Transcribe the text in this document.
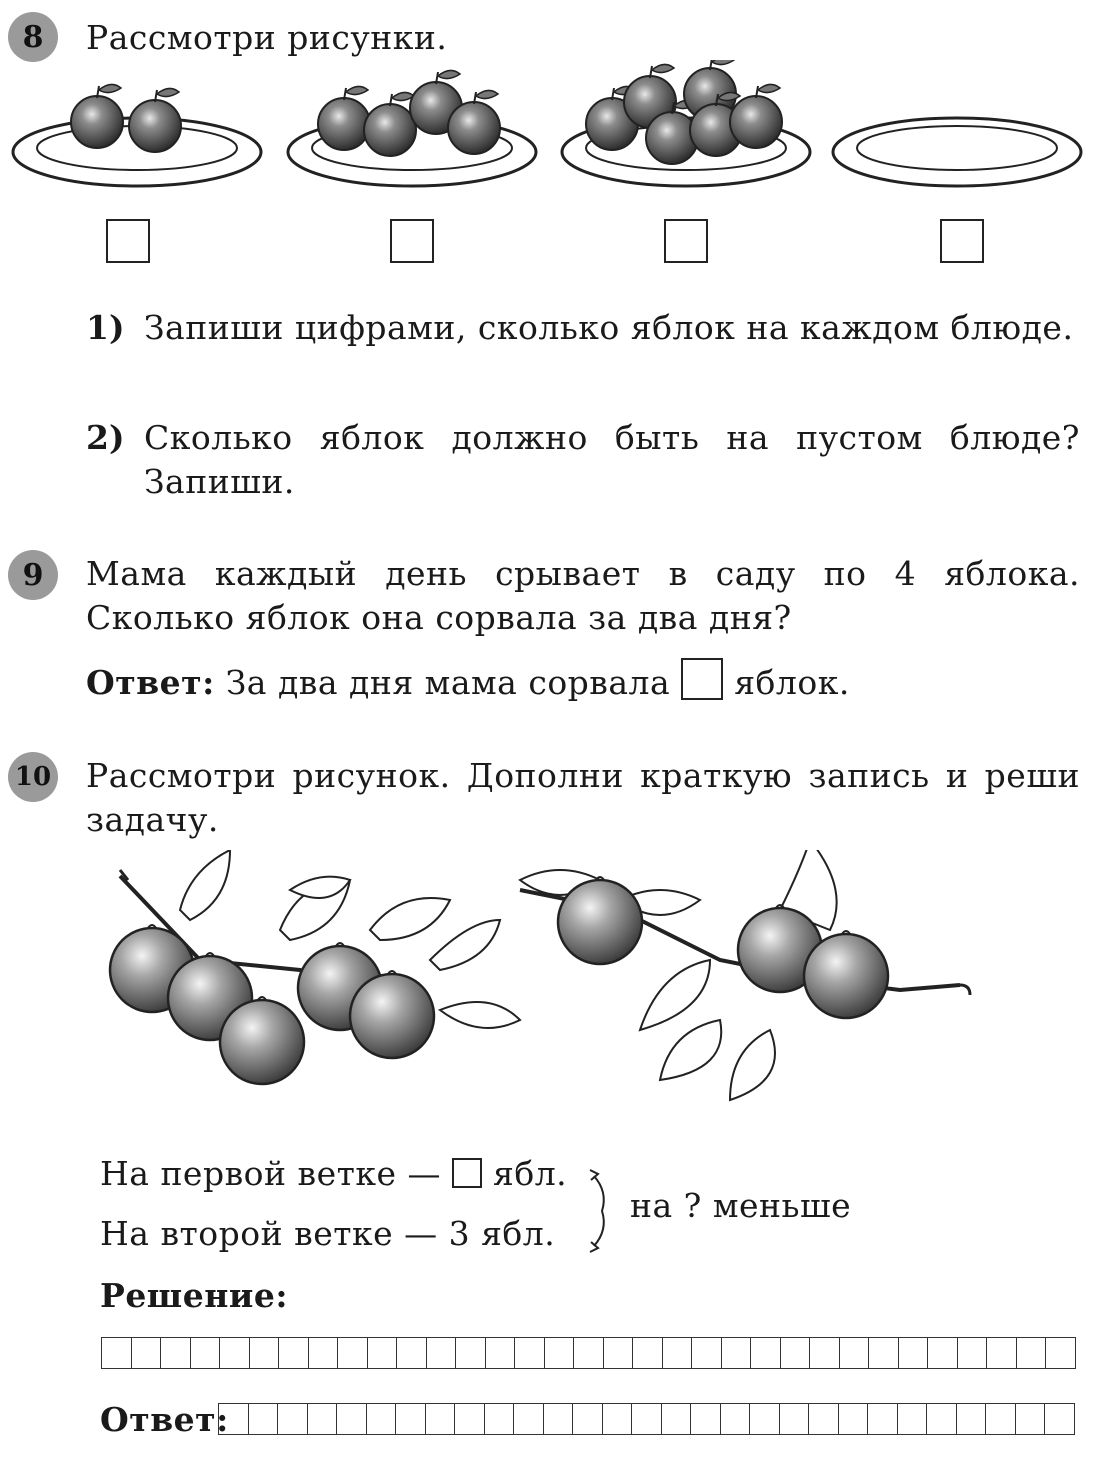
8	Рассмотри рисунки.
1) Запиши цифрами, сколько яблок на каждом блюде.
2) Сколько яблок должно быть на пустом блюде? Запиши.
9	Мама каждый день срывает в саду по 4 яблока. Сколько яблок она сорвала за два дня?
Ответ: За два дня мама сорвала яблок.
10 Рассмотри рисунок. Дополни краткую запись и реши задачу.
На первой ветке — ябл.
На второй ветке — 3 ябл.
на ? меньше
Решение:
Ответ:
